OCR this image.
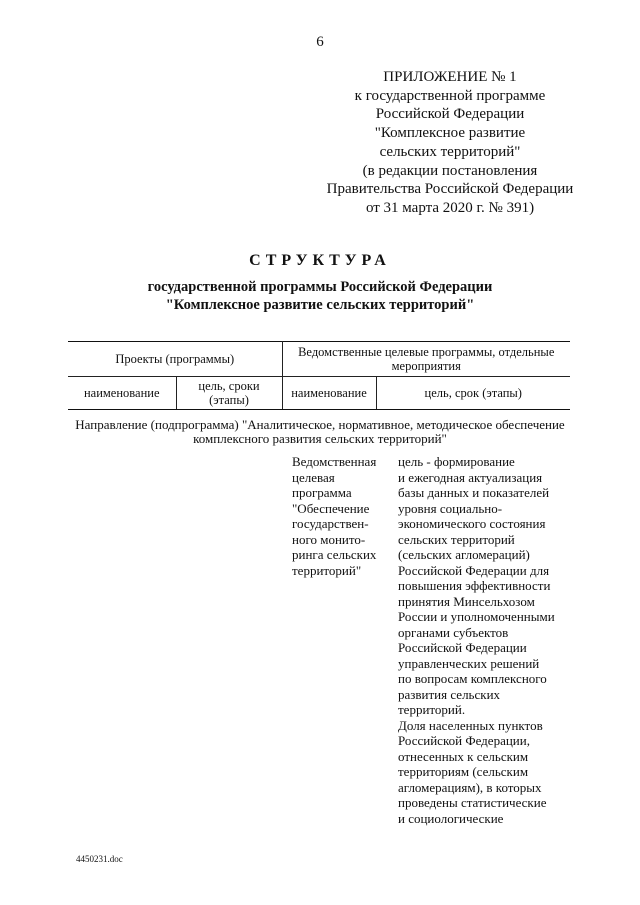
6
ПРИЛОЖЕНИЕ № 1
к государственной программе
Российской Федерации
"Комплексное развитие
сельских территорий"
(в редакции постановления
Правительства Российской Федерации
от 31 марта 2020 г. № 391)
СТРУКТУРА
государственной программы Российской Федерации
"Комплексное развитие сельских территорий"
Проекты (программы)		Ведомственные целевые программы, отдельные мероприятия	
наименование	цель, сроки (этапы)	наименование	цель, срок (этапы)
Направление (подпрограмма) "Аналитическое, нормативное, методическое обеспечение
комплексного развития сельских территорий"
Ведомственная
целевая
программа
"Обеспечение
государствен-
ного монито-
ринга сельских
территорий"
цель - формирование
и ежегодная актуализация
базы данных и показателей
уровня социально-
экономического состояния
сельских территорий
(сельских агломераций)
Российской Федерации для
повышения эффективности
принятия Минсельхозом
России и уполномоченными
органами субъектов
Российской Федерации
управленческих решений
по вопросам комплексного
развития сельских
территорий.
Доля населенных пунктов
Российской Федерации,
отнесенных к сельским
территориям (сельским
агломерациям), в которых
проведены статистические
и социологические
4450231.doc
